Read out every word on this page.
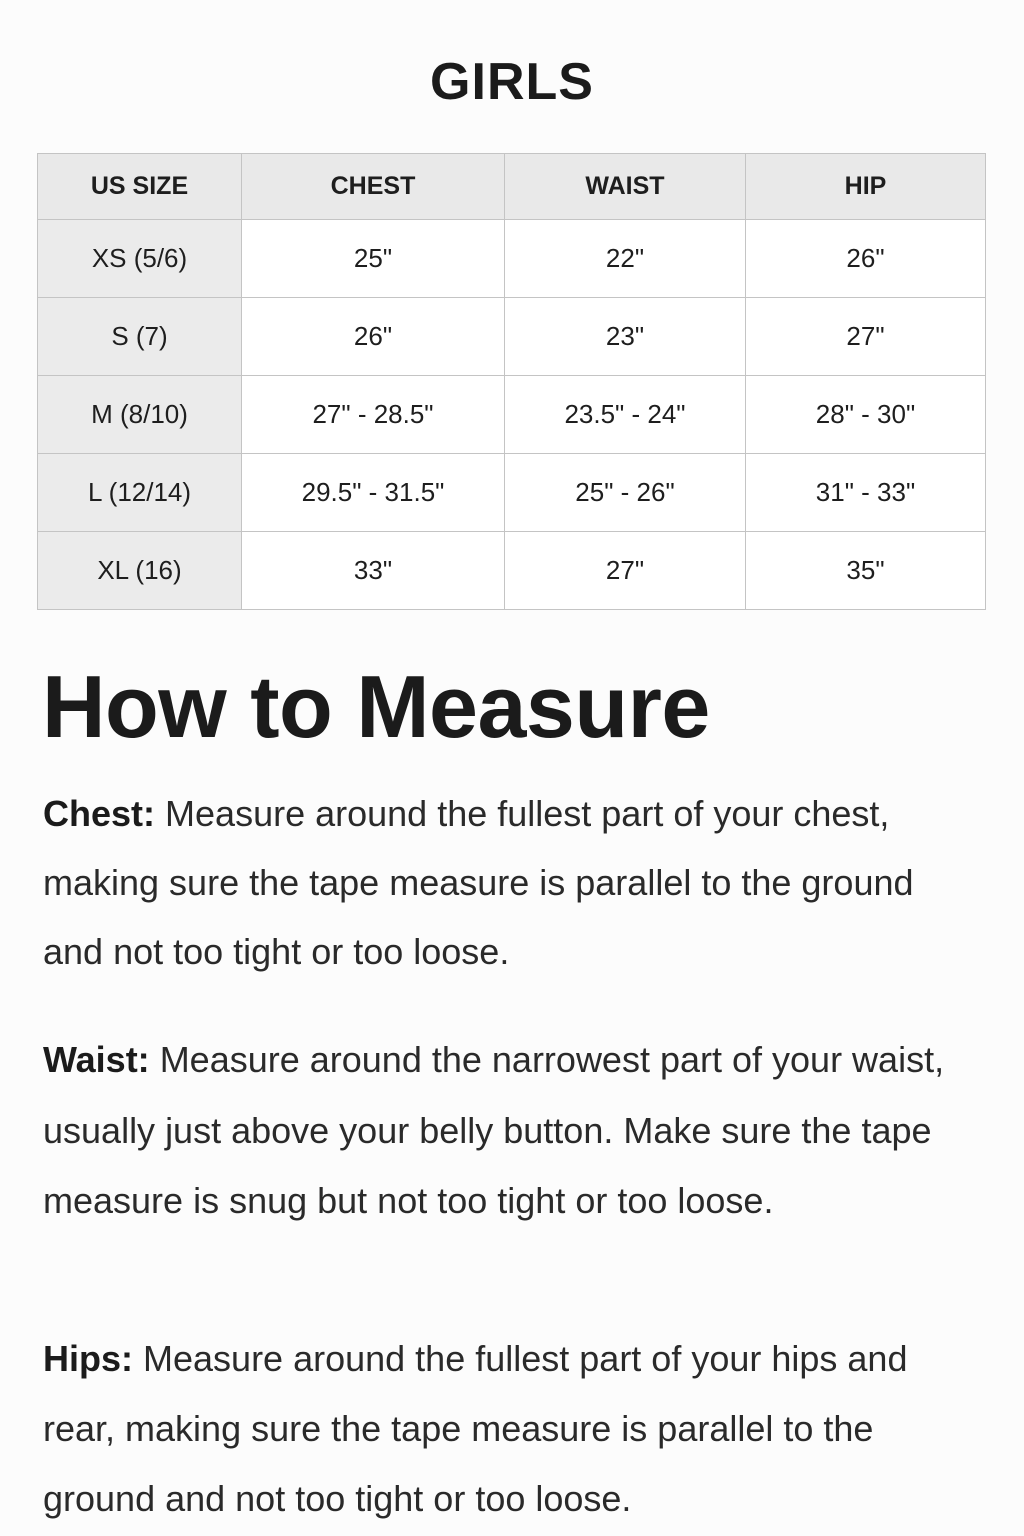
GIRLS
US SIZE	CHEST	WAIST	HIP
XS (5/6)	25"	22"	26"
S (7)	26"	23"	27"
M (8/10)	27" - 28.5"	23.5" - 24"	28" - 30"
L (12/14)	29.5" - 31.5"	25" - 26"	31" - 33"
XL (16)	33"	27"	35"
How to Measure
Chest: Measure around the fullest part of your chest, making sure the tape measure is parallel to the ground and not too tight or too loose.
Waist: Measure around the narrowest part of your waist, usually just above your belly button. Make sure the tape measure is snug but not too tight or too loose.
Hips: Measure around the fullest part of your hips and rear, making sure the tape measure is parallel to the ground and not too tight or too loose.
